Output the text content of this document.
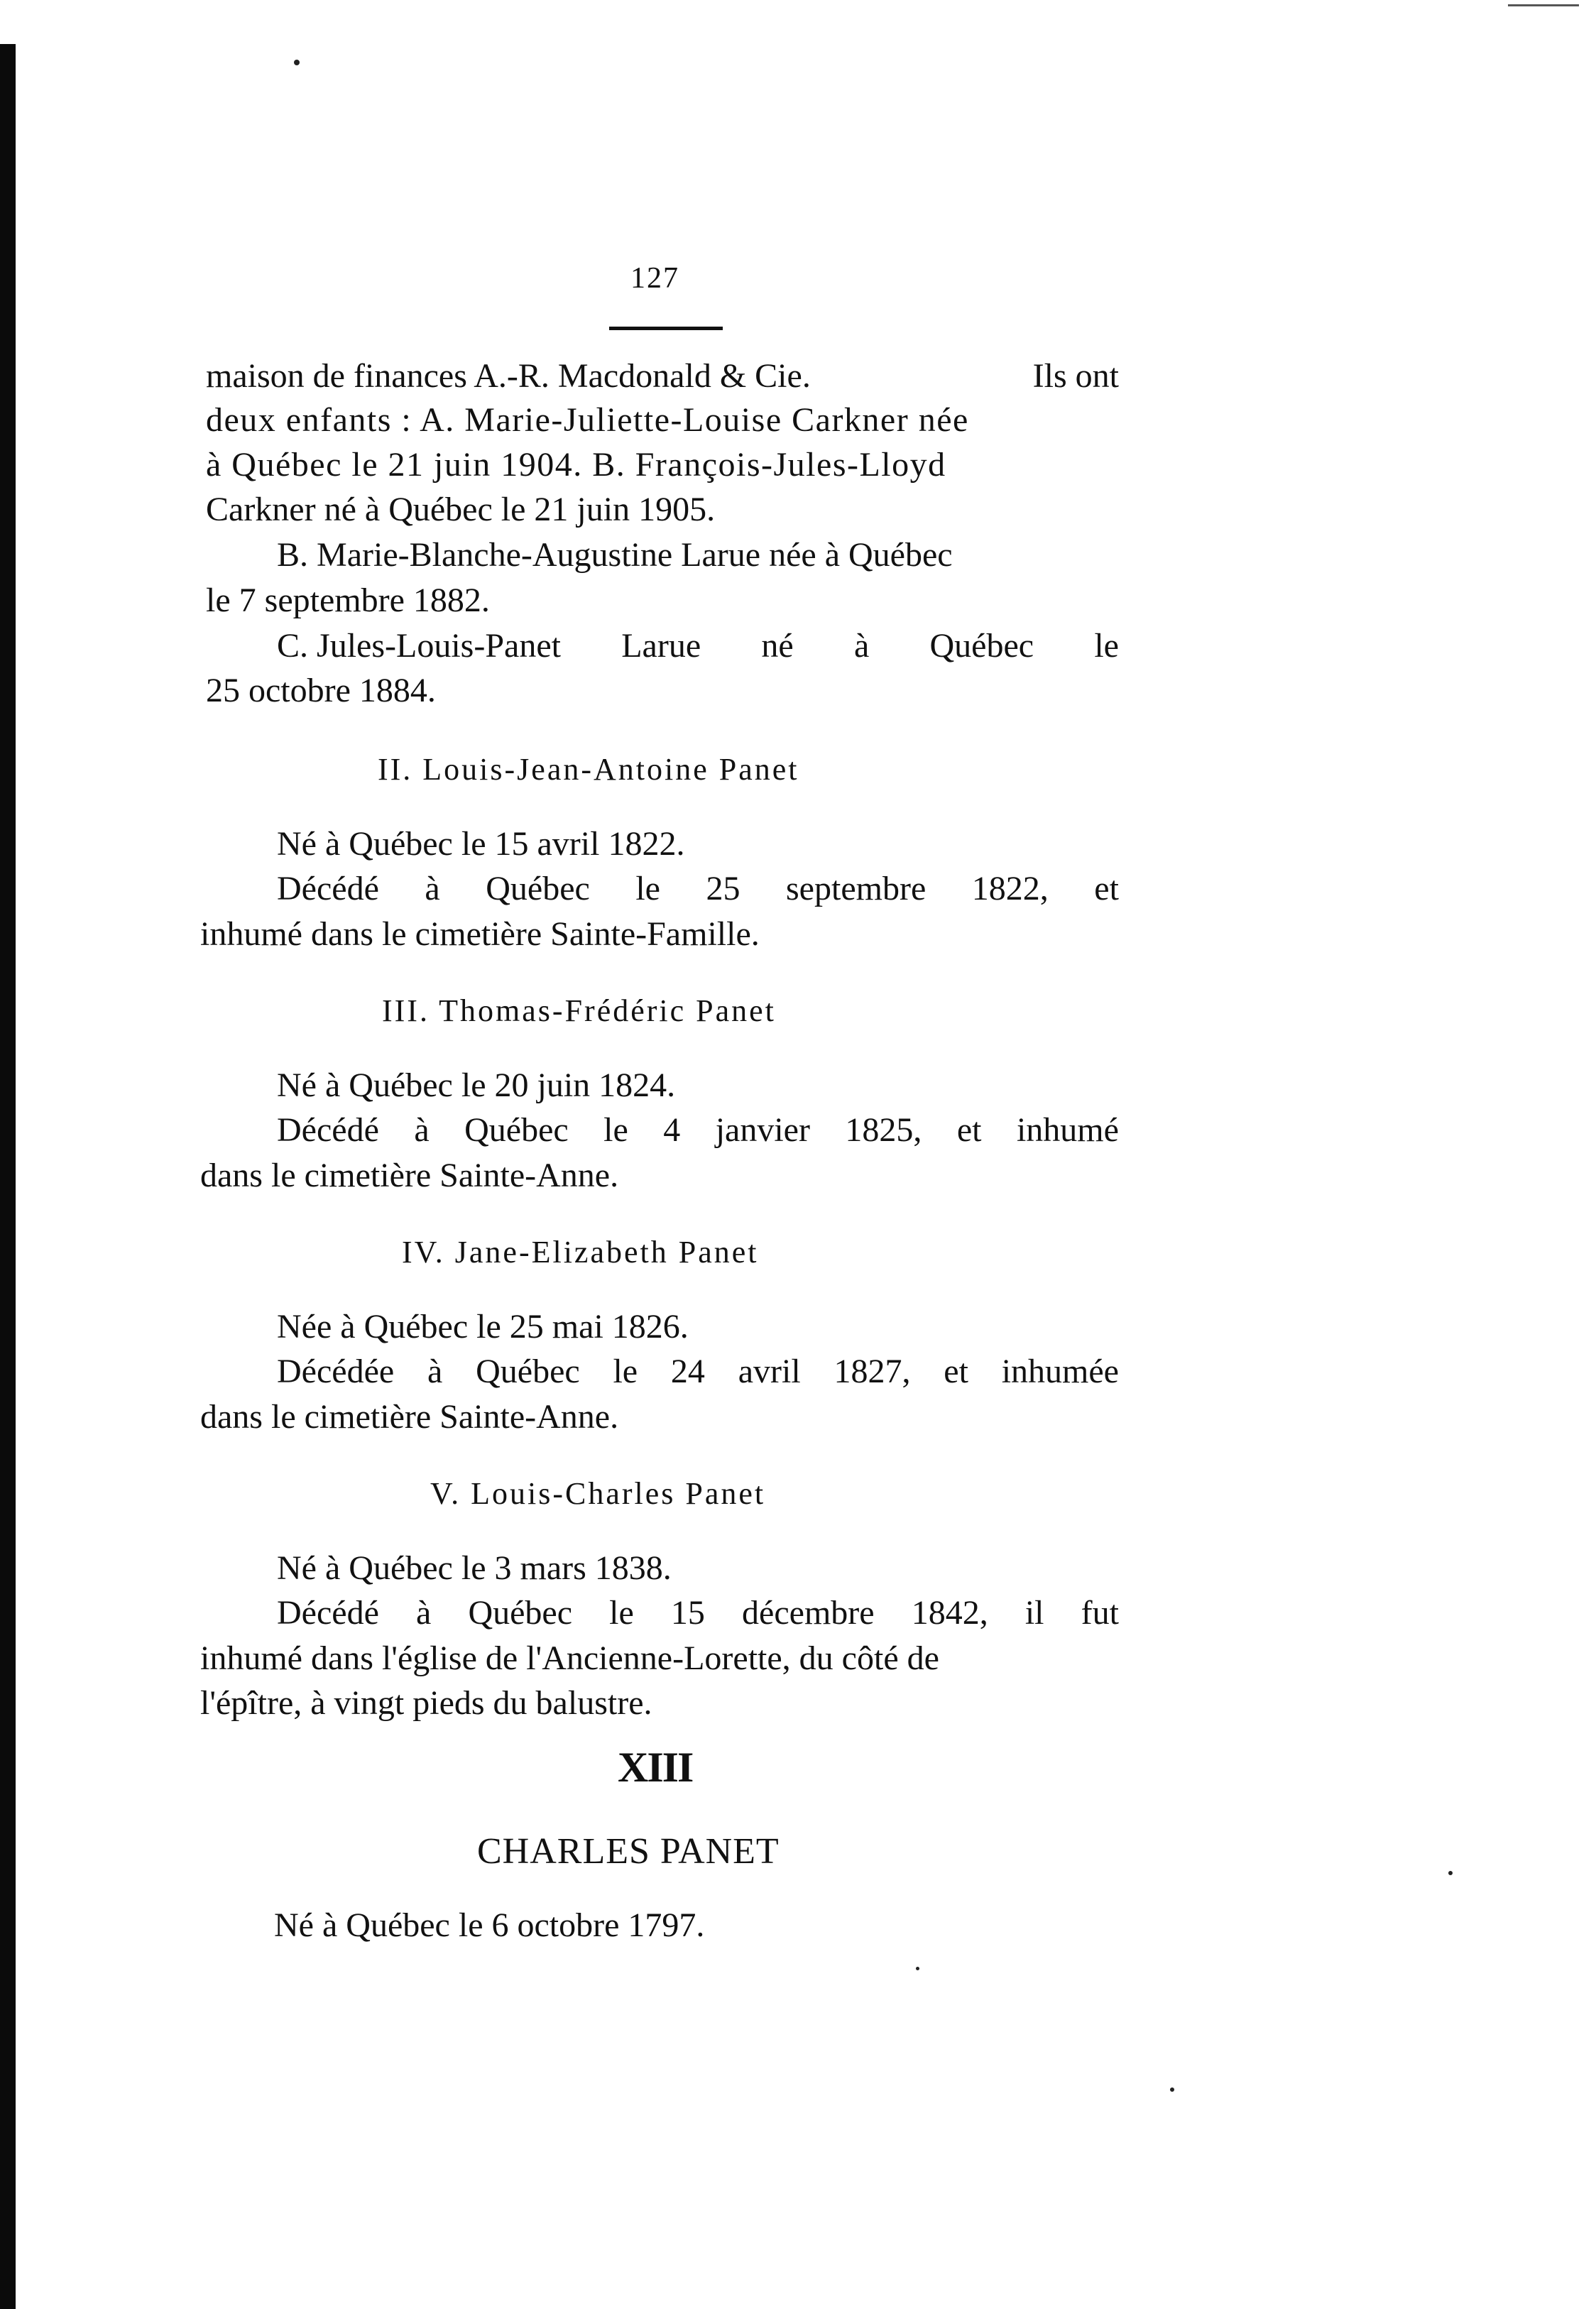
127
maison de finances A.-R. Macdonald & Cie.	Ils ont
deux enfants : A. Marie-Juliette-Louise Carkner née
à Québec le 21 juin 1904. B. François-Jules-Lloyd
Carkner né à Québec le 21 juin 1905.
B. Marie-Blanche-Augustine Larue née à Québec
le 7 septembre 1882.
C. Jules-Louis-Panet Larue né à Québec le
25 octobre 1884.
II. Louis-Jean-Antoine Panet
Né à Québec le 15 avril 1822.
Décédé à Québec le 25 septembre 1822, et
inhumé dans le cimetière Sainte-Famille.
III. Thomas-Frédéric Panet
Né à Québec le 20 juin 1824.
Décédé à Québec le 4 janvier 1825, et inhumé
dans le cimetière Sainte-Anne.
IV. Jane-Elizabeth Panet
Née à Québec le 25 mai 1826.
Décédée à Québec le 24 avril 1827, et inhumée
dans le cimetière Sainte-Anne.
V. Louis-Charles Panet
Né à Québec le 3 mars 1838.
Décédé à Québec le 15 décembre 1842, il fut
inhumé dans l'église de l'Ancienne-Lorette, du côté de
l'épître, à vingt pieds du balustre.
XIII
CHARLES PANET
Né à Québec le 6 octobre 1797.
